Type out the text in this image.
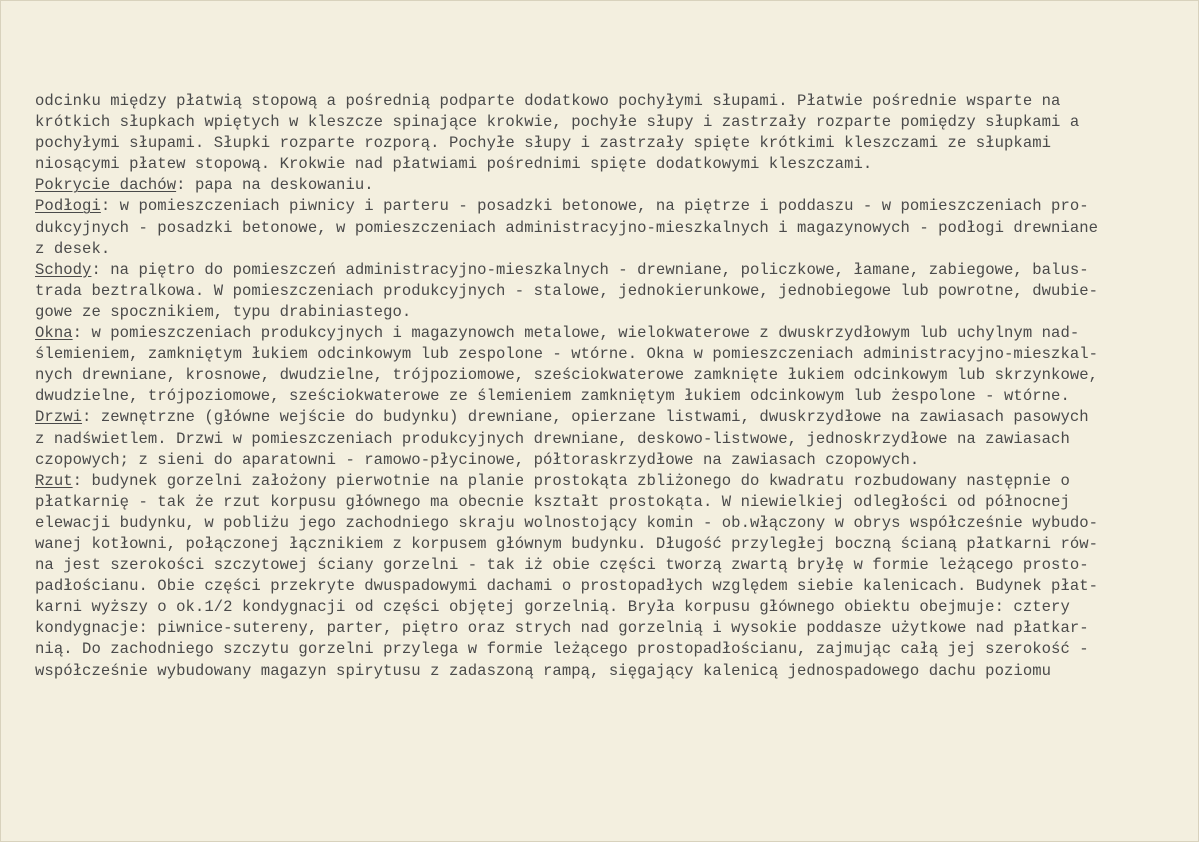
odcinku między płatwią stopową a pośrednią podparte dodatkowo pochyłymi słupami. Płatwie pośrednie wsparte na
krótkich słupkach wpiętych w kleszcze spinające krokwie, pochyłe słupy i zastrzały rozparte pomiędzy słupkami a
pochyłymi słupami. Słupki rozparte rozporą. Pochyłe słupy i zastrzały spięte krótkimi kleszczami ze słupkami
niosącymi płatew stopową. Krokwie nad płatwiami pośrednimi spięte dodatkowymi kleszczami.
Pokrycie dachów: papa na deskowaniu.
Podłogi: w pomieszczeniach piwnicy i parteru - posadzki betonowe, na piętrze i poddaszu - w pomieszczeniach pro-
dukcyjnych - posadzki betonowe, w pomieszczeniach administracyjno-mieszkalnych i magazynowych - podłogi drewniane
z desek.
Schody: na piętro do pomieszczeń administracyjno-mieszkalnych - drewniane, policzkowe, łamane, zabiegowe, balus-
trada beztralkowa. W pomieszczeniach produkcyjnych - stalowe, jednokierunkowe, jednobiegowe lub powrotne, dwubie-
gowe ze spocznikiem, typu drabiniastego.
Okna: w pomieszczeniach produkcyjnych i magazynowch metalowe, wielokwaterowe z dwuskrzydłowym lub uchylnym nad-
ślemieniem, zamkniętym łukiem odcinkowym lub zespolone - wtórne. Okna w pomieszczeniach administracyjno-mieszkal-
nych drewniane, krosnowe, dwudzielne, trójpoziomowe, sześciokwaterowe zamknięte łukiem odcinkowym lub skrzynkowe,
dwudzielne, trójpoziomowe, sześciokwaterowe ze ślemieniem zamkniętym łukiem odcinkowym lub żespolone - wtórne.
Drzwi: zewnętrzne (główne wejście do budynku) drewniane, opierzane listwami, dwuskrzydłowe na zawiasach pasowych
z nadświetlem. Drzwi w pomieszczeniach produkcyjnych drewniane, deskowo-listwowe, jednoskrzydłowe na zawiasach
czopowych; z sieni do aparatowni - ramowo-płycinowe, półtoraskrzydłowe na zawiasach czopowych.
Rzut: budynek gorzelni założony pierwotnie na planie prostokąta zbliżonego do kwadratu rozbudowany następnie o
płatkarnię - tak że rzut korpusu głównego ma obecnie kształt prostokąta. W niewielkiej odległości od północnej
elewacji budynku, w pobliżu jego zachodniego skraju wolnostojący komin - ob.włączony w obrys współcześnie wybudo-
wanej kotłowni, połączonej łącznikiem z korpusem głównym budynku. Długość przyległej boczną ścianą płatkarni rów-
na jest szerokości szczytowej ściany gorzelni - tak iż obie części tworzą zwartą bryłę w formie leżącego prosto-
padłościanu. Obie części przekryte dwuspadowymi dachami o prostopadłych względem siebie kalenicach. Budynek płat-
karni wyższy o ok.1/2 kondygnacji od części objętej gorzelnią. Bryła korpusu głównego obiektu obejmuje: cztery
kondygnacje: piwnice-sutereny, parter, piętro oraz strych nad gorzelnią i wysokie poddasze użytkowe nad płatkar-
nią. Do zachodniego szczytu gorzelni przylega w formie leżącego prostopadłościanu, zajmując całą jej szerokość -
współcześnie wybudowany magazyn spirytusu z zadaszoną rampą, sięgający kalenicą jednospadowego dachu poziomu
